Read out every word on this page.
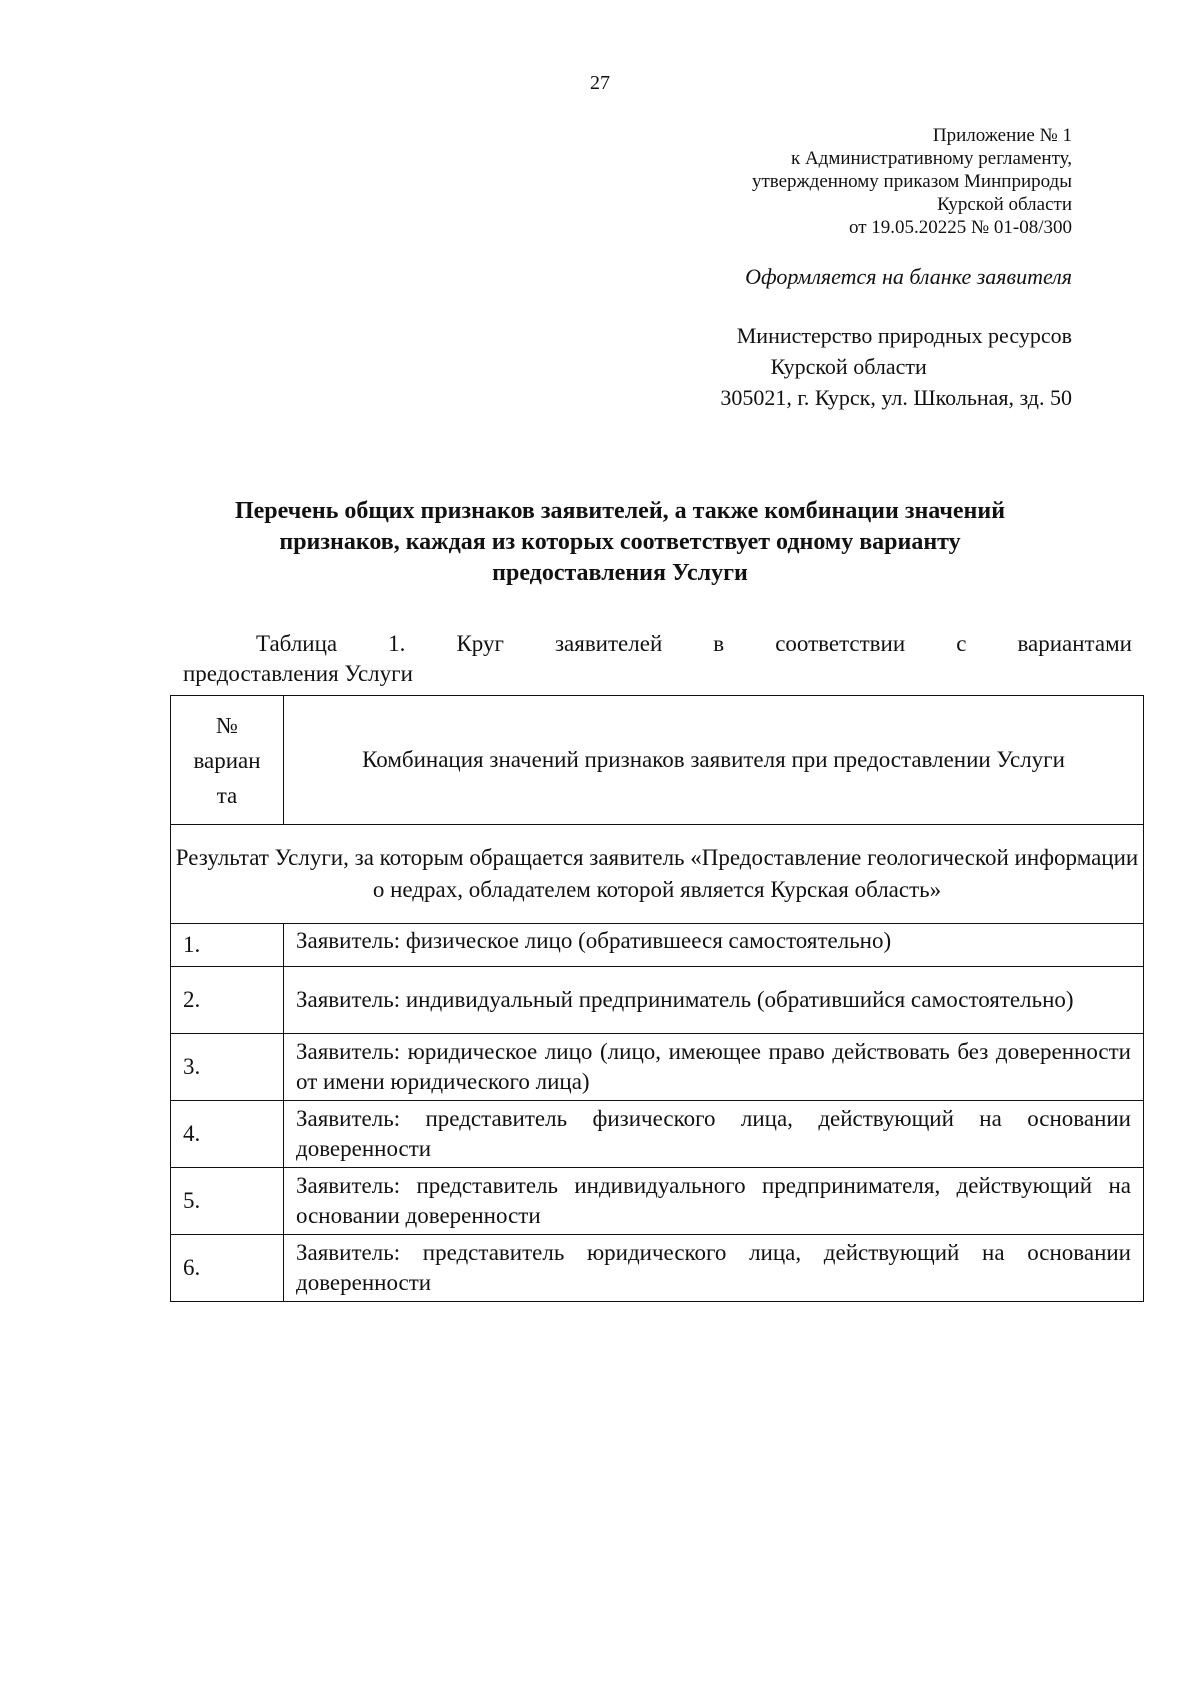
27
Приложение № 1
к Административному регламенту,
утвержденному приказом Минприроды
Курской области
от 19.05.20225 № 01-08/300
Оформляется на бланке заявителя
Министерство природных ресурсов
Курской области
305021, г. Курск, ул. Школьная, зд. 50
Перечень общих признаков заявителей, а также комбинации значений
признаков, каждая из которых соответствует одному варианту
предоставления Услуги
Таблица 1. Круг заявителей в соответствии с вариантами
предоставления Услуги
№
вариан
та	Комбинация значений признаков заявителя при предоставлении Услуги
Результат Услуги, за которым обращается заявитель «Предоставление геологической информации о недрах, обладателем которой является Курская область»	
1.	Заявитель: физическое лицо (обратившееся самостоятельно)
2.	Заявитель: индивидуальный предприниматель (обратившийся самостоятельно)
3.	Заявитель: юридическое лицо (лицо, имеющее право действовать без доверенности от имени юридического лица)
4.	Заявитель: представитель физического лица, действующий на основании доверенности
5.	Заявитель: представитель индивидуального предпринимателя, действующий на основании доверенности
6.	Заявитель: представитель юридического лица, действующий на основании доверенности
